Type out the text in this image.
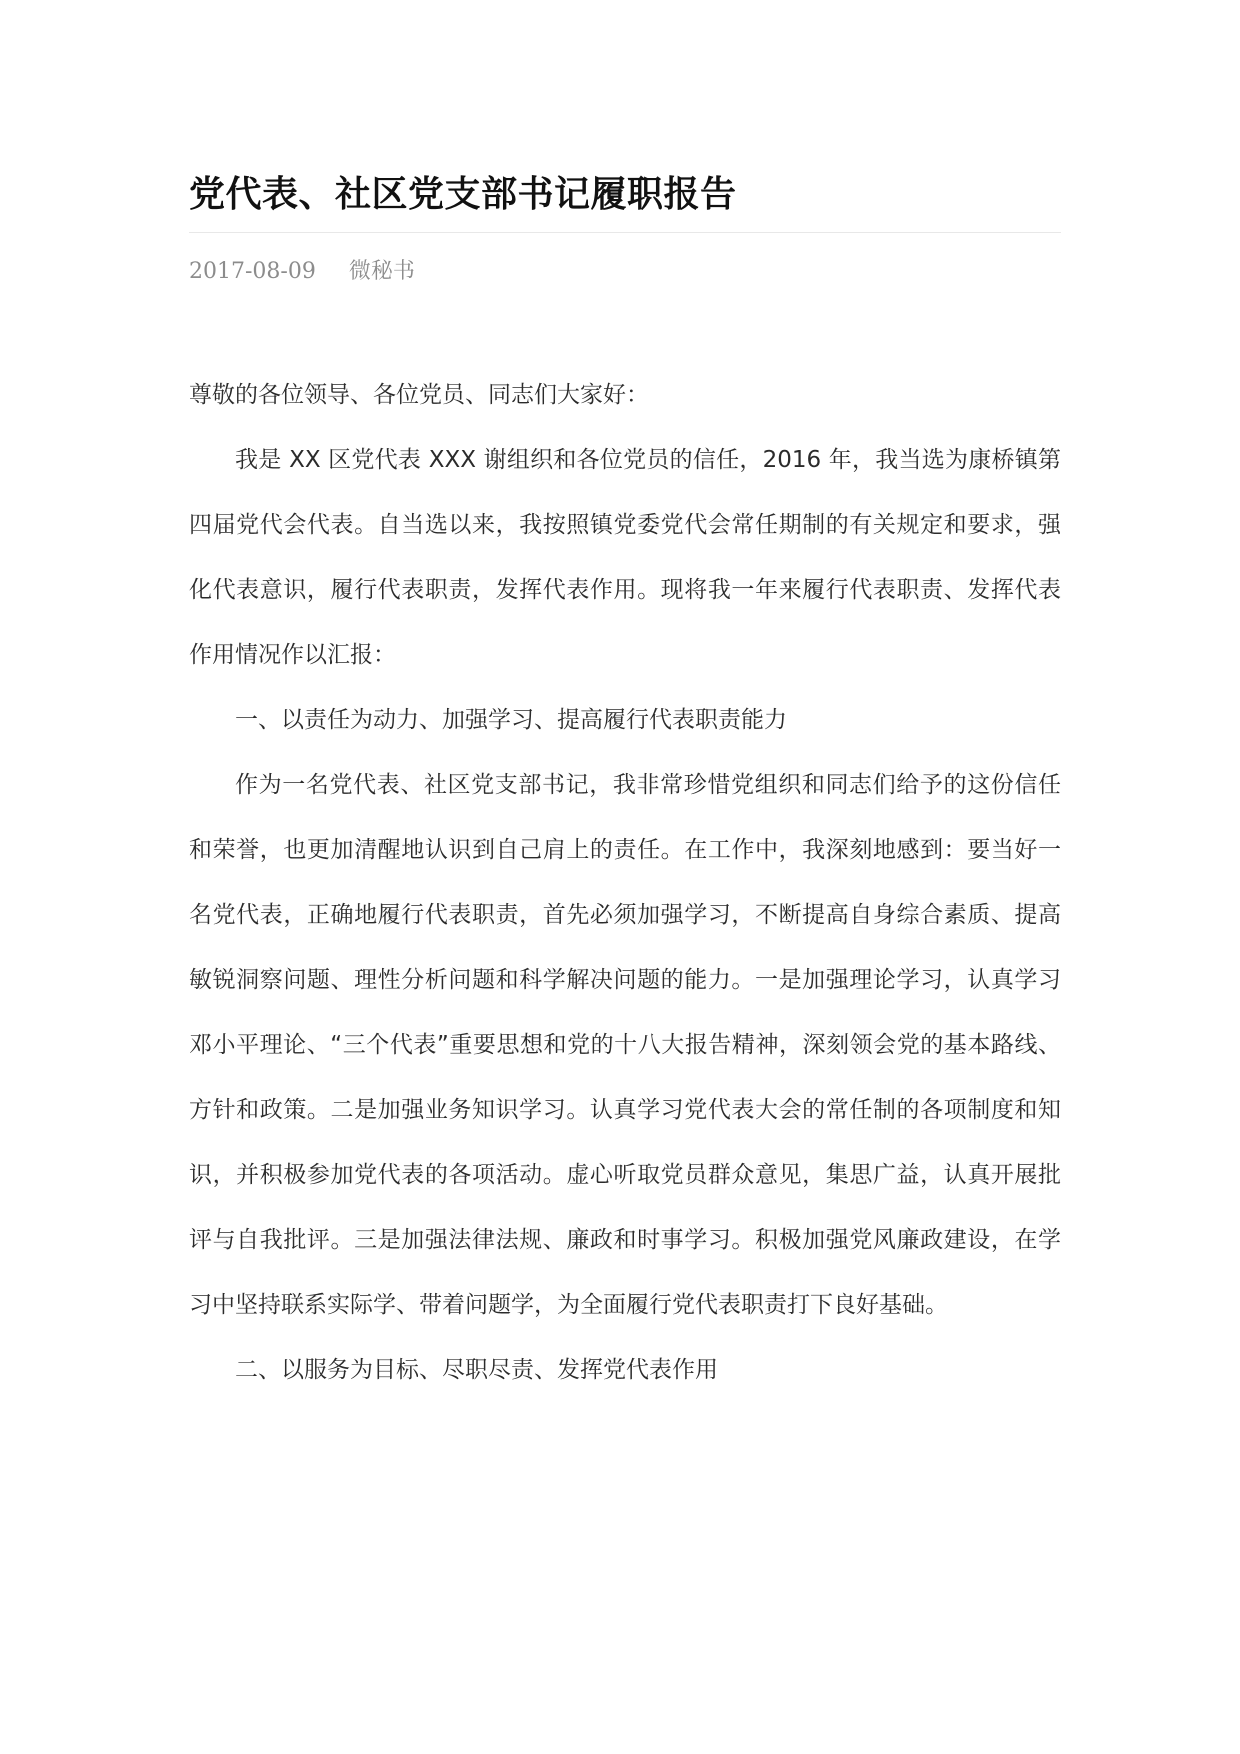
党代表、社区党支部书记履职报告
2017-08-09 微秘书

尊敬的各位领导、各位党员、同志们大家好：

我是 XX 区党代表 XXX 谢组织和各位党员的信任，2016 年，我当选为康桥镇第四届党代会代表。自当选以来，我按照镇党委党代会常任期制的有关规定和要求，强化代表意识，履行代表职责，发挥代表作用。现将我一年来履行代表职责、发挥代表作用情况作以汇报：

一、以责任为动力、加强学习、提高履行代表职责能力

作为一名党代表、社区党支部书记，我非常珍惜党组织和同志们给予的这份信任和荣誉，也更加清醒地认识到自己肩上的责任。在工作中，我深刻地感到：要当好一名党代表，正确地履行代表职责，首先必须加强学习，不断提高自身综合素质、提高敏锐洞察问题、理性分析问题和科学解决问题的能力。一是加强理论学习，认真学习邓小平理论、“三个代表”重要思想和党的十八大报告精神，深刻领会党的基本路线、方针和政策。二是加强业务知识学习。认真学习党代表大会的常任制的各项制度和知识，并积极参加党代表的各项活动。虚心听取党员群众意见，集思广益，认真开展批评与自我批评。三是加强法律法规、廉政和时事学习。积极加强党风廉政建设，在学习中坚持联系实际学、带着问题学，为全面履行党代表职责打下良好基础。

二、以服务为目标、尽职尽责、发挥党代表作用
